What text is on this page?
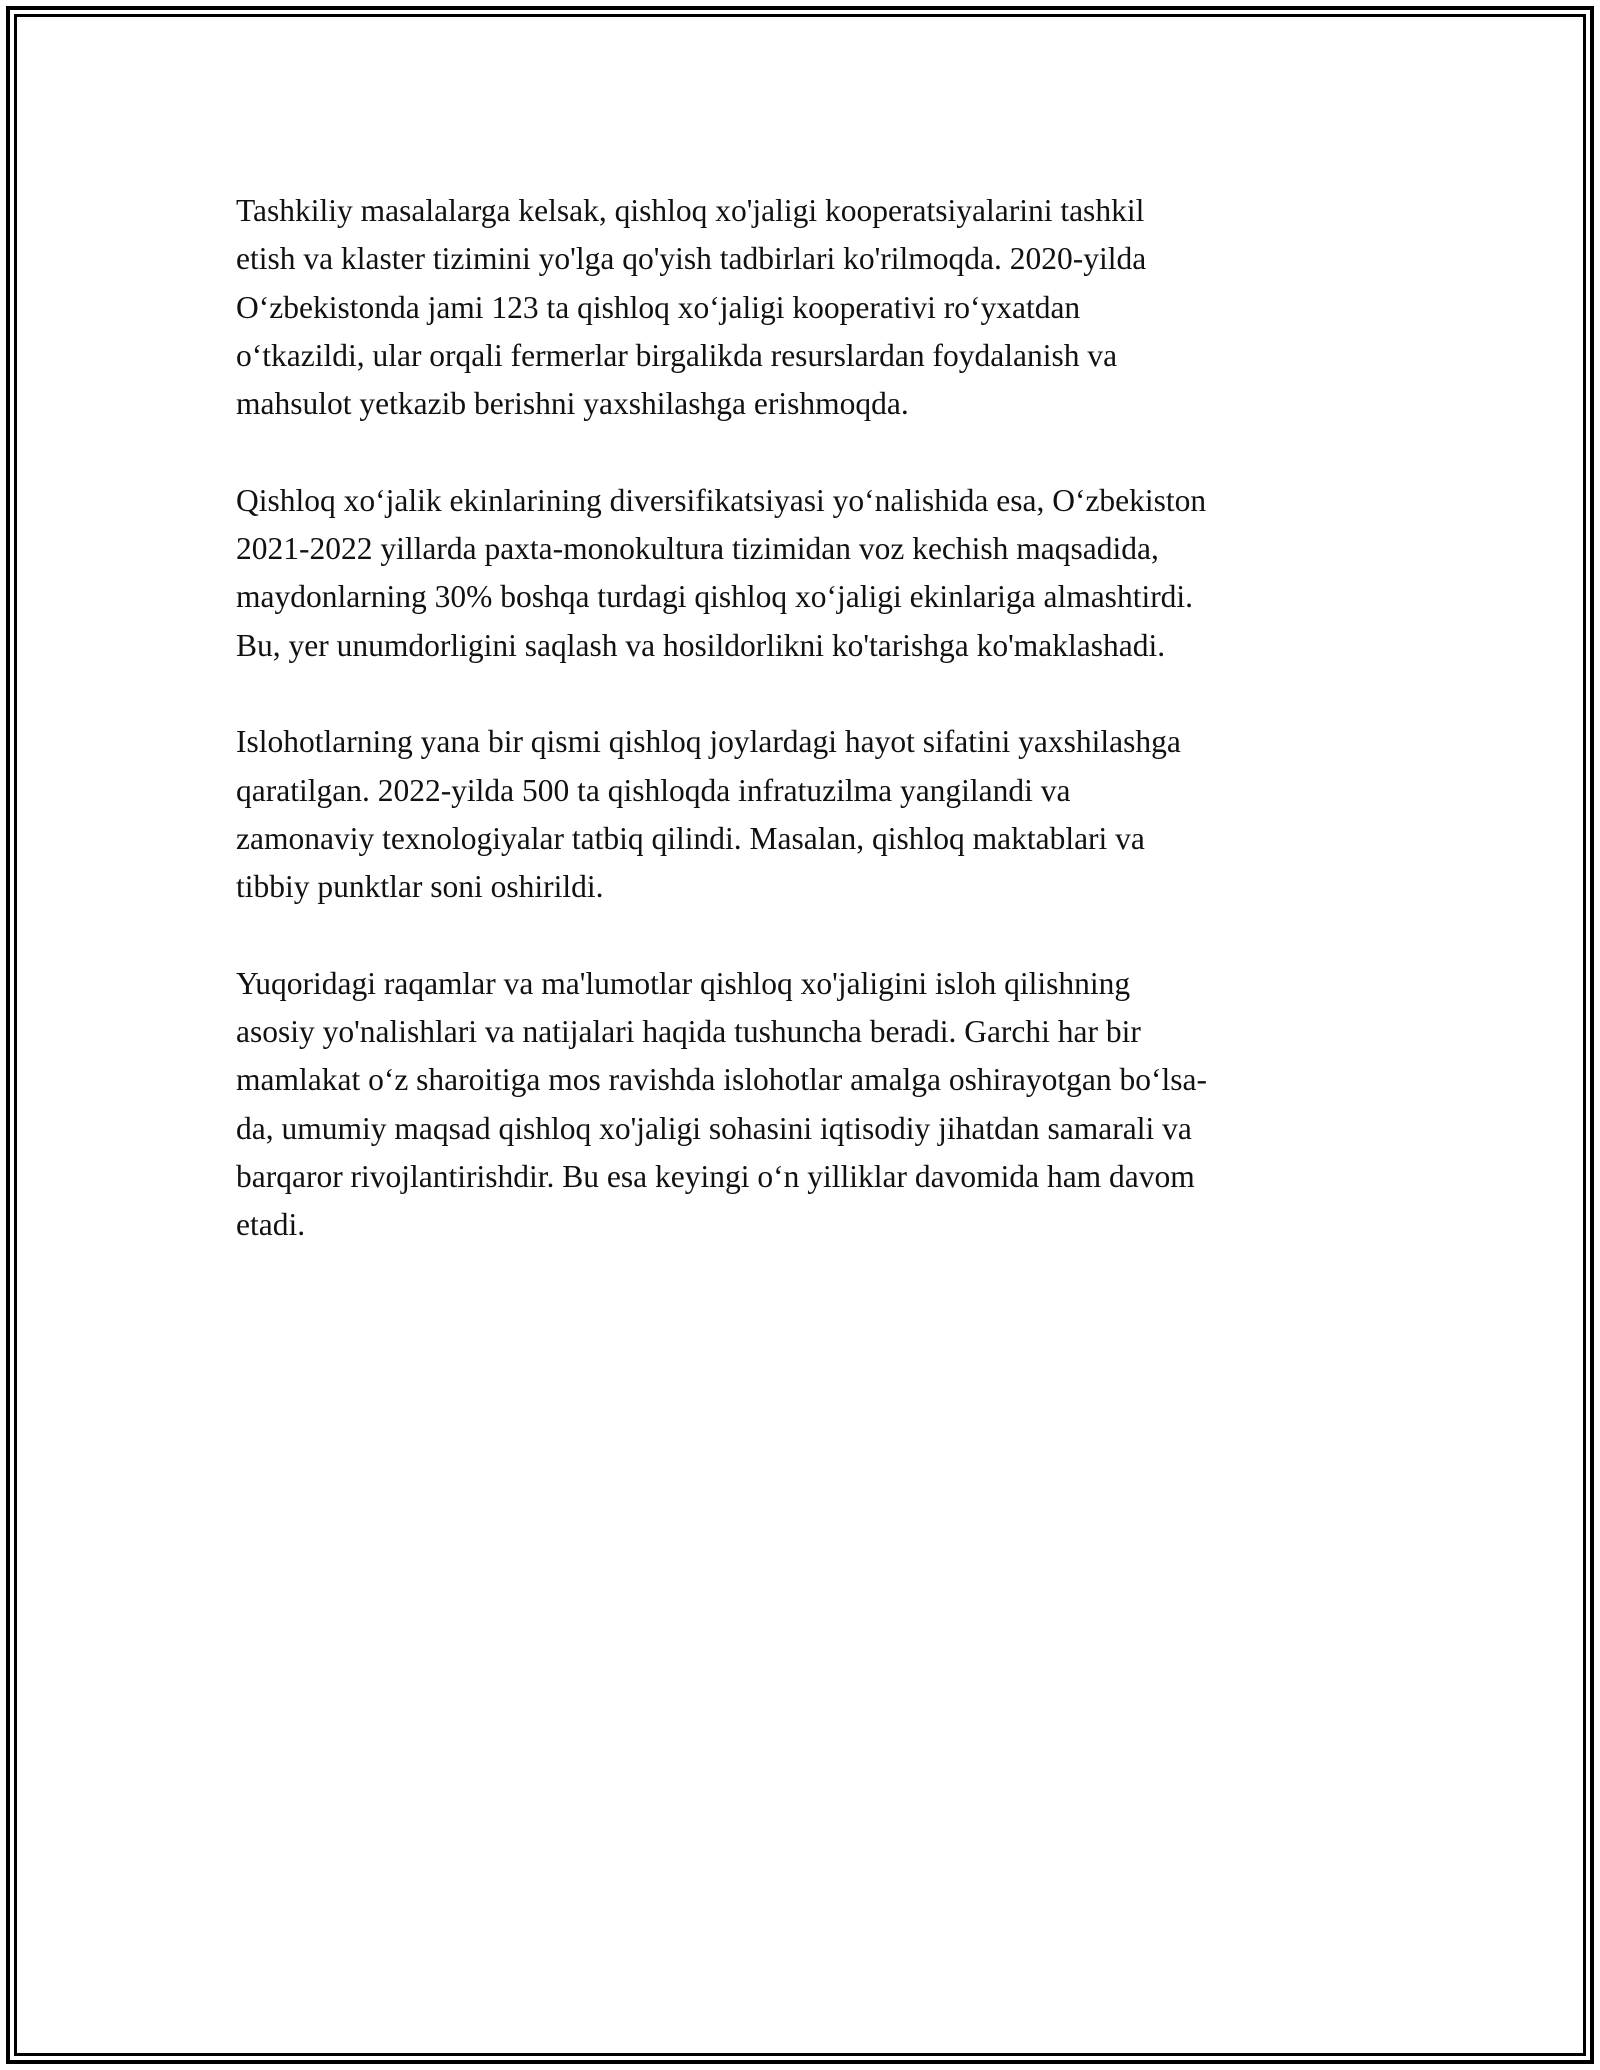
Tashkiliy masalalarga kelsak, qishloq xo'jaligi kooperatsiyalarini tashkil
etish va klaster tizimini yo'lga qo'yish tadbirlari ko'rilmoqda. 2020-yilda
O‘zbekistonda jami 123 ta qishloq xo‘jaligi kooperativi ro‘yxatdan
o‘tkazildi, ular orqali fermerlar birgalikda resurslardan foydalanish va
mahsulot yetkazib berishni yaxshilashga erishmoqda.

Qishloq xo‘jalik ekinlarining diversifikatsiyasi yo‘nalishida esa, O‘zbekiston
2021-2022 yillarda paxta-monokultura tizimidan voz kechish maqsadida,
maydonlarning 30% boshqa turdagi qishloq xo‘jaligi ekinlariga almashtirdi.
Bu, yer unumdorligini saqlash va hosildorlikni ko'tarishga ko'maklashadi.

Islohotlarning yana bir qismi qishloq joylardagi hayot sifatini yaxshilashga
qaratilgan. 2022-yilda 500 ta qishloqda infratuzilma yangilandi va
zamonaviy texnologiyalar tatbiq qilindi. Masalan, qishloq maktablari va
tibbiy punktlar soni oshirildi.

Yuqoridagi raqamlar va ma'lumotlar qishloq xo'jaligini isloh qilishning
asosiy yo'nalishlari va natijalari haqida tushuncha beradi. Garchi har bir
mamlakat o‘z sharoitiga mos ravishda islohotlar amalga oshirayotgan bo‘lsa-
da, umumiy maqsad qishloq xo'jaligi sohasini iqtisodiy jihatdan samarali va
barqaror rivojlantirishdir. Bu esa keyingi o‘n yilliklar davomida ham davom
etadi.
